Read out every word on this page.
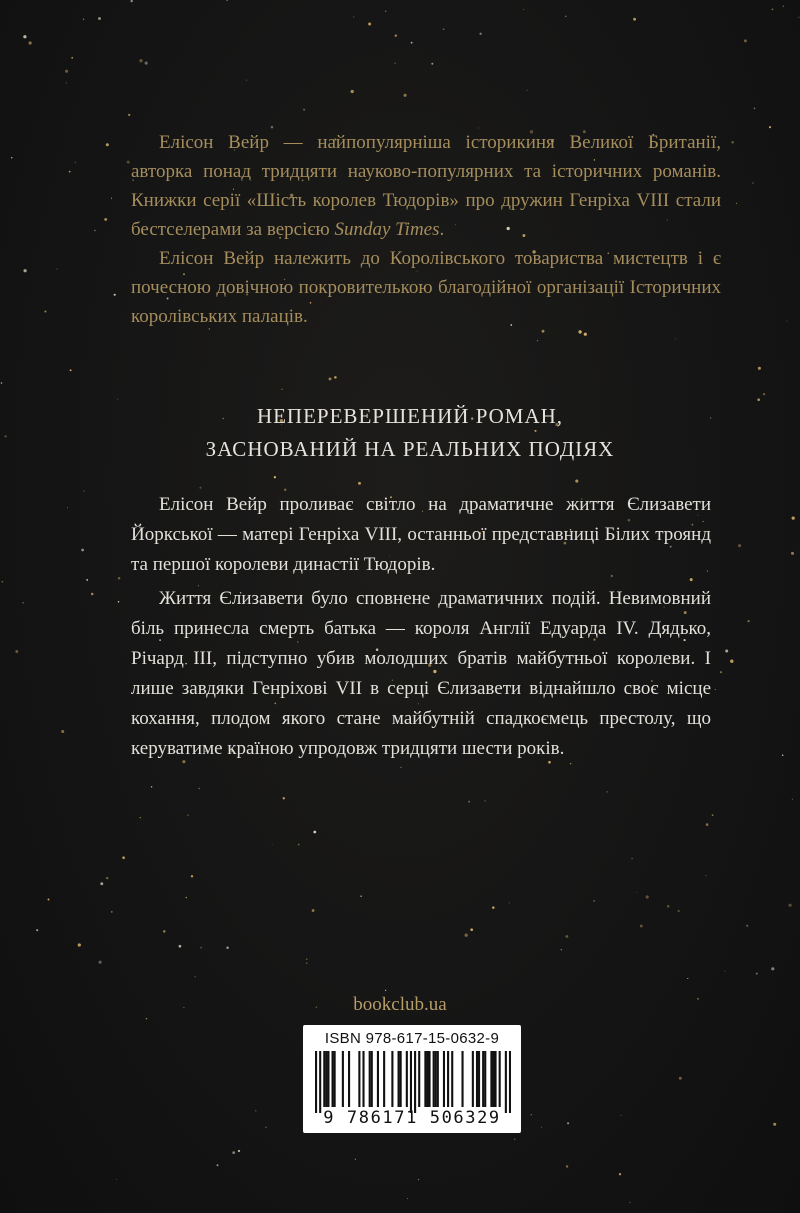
Елісон Вейр — найпопулярніша історикиня Великої Британії, авторка понад тридцяти науково-популярних та історичних романів. Книжки серії «Шість королев Тюдорів» про дружин Генріха VIII стали бестселерами за версією Sunday Times.

Елісон Вейр належить до Королівського товариства мистецтв і є почесною довічною покровителькою благодійної організації Історичних королівських палаців.

НЕПЕРЕВЕРШЕНИЙ РОМАН,
ЗАСНОВАНИЙ НА РЕАЛЬНИХ ПОДІЯХ

Елісон Вейр проливає світло на драматичне життя Єлизавети Йоркської — матері Генріха VIII, останньої представниці Білих троянд та першої королеви династії Тюдорів.

Життя Єлизавети було сповнене драматичних подій. Невимовний біль принесла смерть батька — короля Англії Едуарда IV. Дядько, Річард III, підступно убив молодших братів майбутньої королеви. І лише завдяки Генріхові VII в серці Єлизавети віднайшло своє місце кохання, плодом якого стане майбутній спадкоємець престолу, що керуватиме країною упродовж тридцяти шести років.

bookclub.ua
ISBN 978-617-15-0632-9
9 786171 506329
